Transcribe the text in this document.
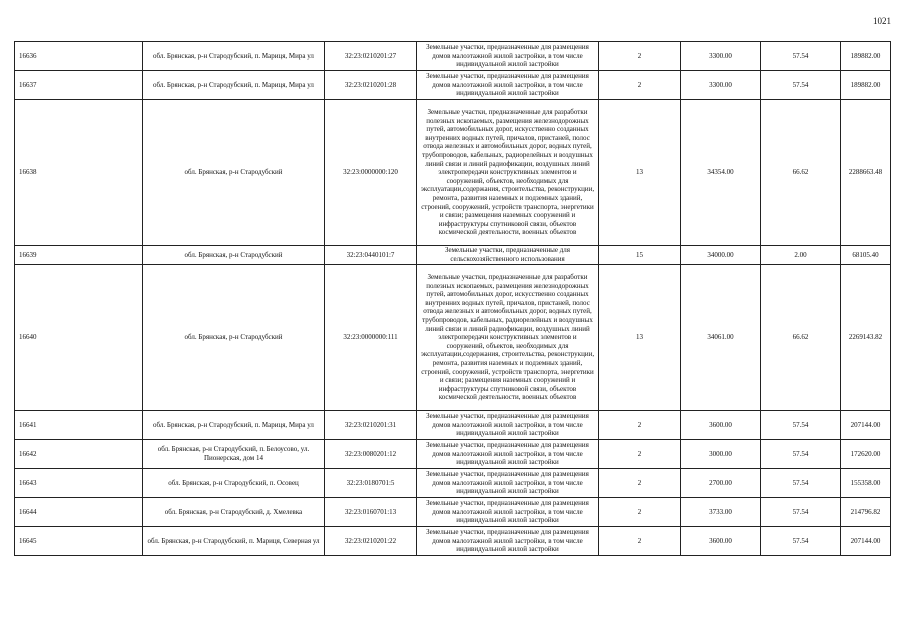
1021
16636	обл. Брянская, р-н Стародубский, п. Мариця, Мира ул	32:23:0210201:27	Земельные участки, предназначенные для размещения домов малоэтажной жилой застройки, в том числе индивидуальной жилой застройки	2	3300.00	57.54	189882.00
16637	обл. Брянская, р-н Стародубский, п. Мариця, Мира ул	32:23:0210201:28	Земельные участки, предназначенные для размещения домов малоэтажной жилой застройки, в том числе индивидуальной жилой застройки	2	3300.00	57.54	189882.00
16638	обл. Брянская, р-н Стародубский	32:23:0000000:120	Земельные участки, предназначенные для разработки полезных ископаемых, размещения железнодорожных путей, автомобильных дорог, искусственно созданных внутренних водных путей, причалов, пристаней, полос отвода железных и автомобильных дорог, водных путей, трубопроводов, кабельных, радиорелейных и воздушных линий связи и линий радиофикации, воздушных линий электропередачи конструктивных элементов и сооружений, объектов, необходимых для эксплуатации,содержания, строительства, реконструкции, ремонта, развития наземных и подземных зданий, строений, сооружений, устройств транспорта, энергетики и связи; размещения наземных сооружений и инфраструктуры спутниковой связи, объектов космической деятельности, военных объектов	13	34354.00	66.62	2288663.48
16639	обл. Брянская, р-н Стародубский	32:23:0440101:7	Земельные участки, предназначенные для сельскохозяйственного использования	15	34000.00	2.00	68105.40
16640	обл. Брянская, р-н Стародубский	32:23:0000000:111	Земельные участки, предназначенные для разработки полезных ископаемых, размещения железнодорожных путей, автомобильных дорог, искусственно созданных внутренних водных путей, причалов, пристаней, полос отвода железных и автомобильных дорог, водных путей, трубопроводов, кабельных, радиорелейных и воздушных линий связи и линий радиофикации, воздушных линий электропередачи конструктивных элементов и сооружений, объектов, необходимых для эксплуатации,содержания, строительства, реконструкции, ремонта, развития наземных и подземных зданий, строений, сооружений, устройств транспорта, энергетики и связи; размещения наземных сооружений и инфраструктуры спутниковой связи, объектов космической деятельности, военных объектов	13	34061.00	66.62	2269143.82
16641	обл. Брянская, р-н Стародубский, п. Мариця, Мира ул	32:23:0210201:31	Земельные участки, предназначенные для размещения домов малоэтажной жилой застройки, в том числе индивидуальной жилой застройки	2	3600.00	57.54	207144.00
16642	обл. Брянская, р-н Стародубский, п. Белоусово, ул. Пионерская, дом 14	32:23:0080201:12	Земельные участки, предназначенные для размещения домов малоэтажной жилой застройки, в том числе индивидуальной жилой застройки	2	3000.00	57.54	172620.00
16643	обл. Брянская, р-н Стародубский, п. Осовец	32:23:0180701:5	Земельные участки, предназначенные для размещения домов малоэтажной жилой застройки, в том числе индивидуальной жилой застройки	2	2700.00	57.54	155358.00
16644	обл. Брянская, р-н Стародубский, д. Хмелевка	32:23:0160701:13	Земельные участки, предназначенные для размещения домов малоэтажной жилой застройки, в том числе индивидуальной жилой застройки	2	3733.00	57.54	214796.82
16645	обл. Брянская, р-н Стародубский, п. Мариця, Северная ул	32:23:0210201:22	Земельные участки, предназначенные для размещения домов малоэтажной жилой застройки, в том числе индивидуальной жилой застройки	2	3600.00	57.54	207144.00
